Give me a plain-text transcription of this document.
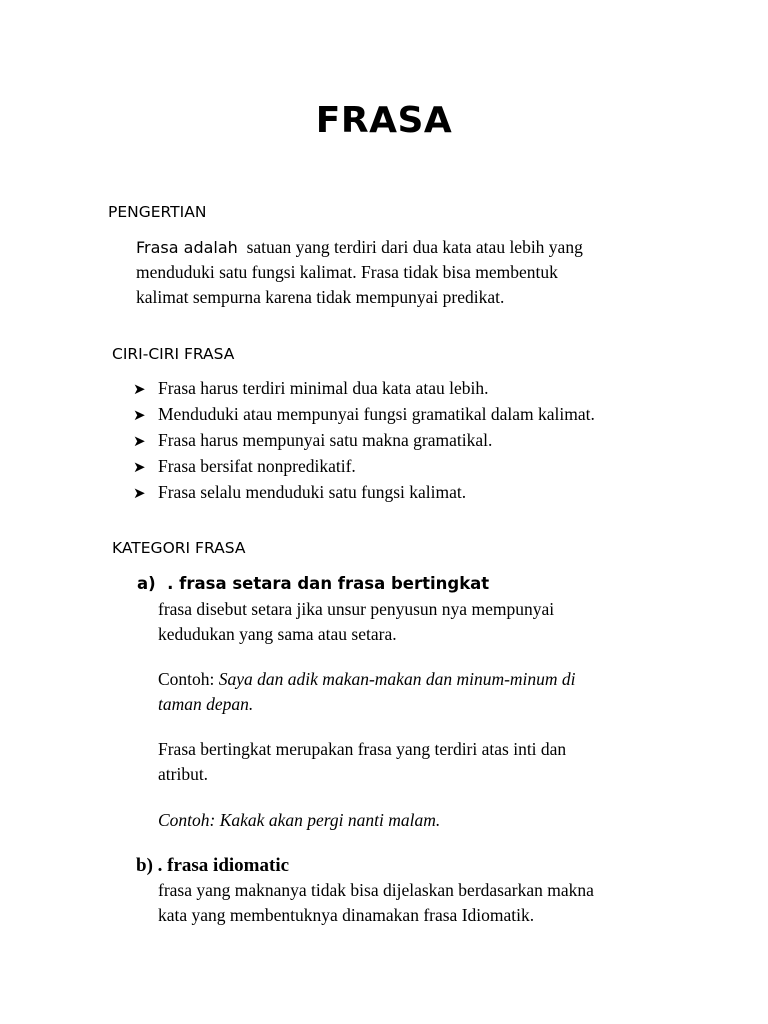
FRASA
PENGERTIAN
Frasa adalah  satuan yang terdiri dari dua kata atau lebih yang
menduduki satu fungsi kalimat. Frasa tidak bisa membentuk
kalimat sempurna karena tidak mempunyai predikat.
CIRI-CIRI FRASA
➤ Frasa harus terdiri minimal dua kata atau lebih.
➤ Menduduki atau mempunyai fungsi gramatikal dalam kalimat.
➤ Frasa harus mempunyai satu makna gramatikal.
➤ Frasa bersifat nonpredikatif.
➤ Frasa selalu menduduki satu fungsi kalimat.
KATEGORI FRASA
a)  . frasa setara dan frasa bertingkat
frasa disebut setara jika unsur penyusun nya mempunyai
kedudukan yang sama atau setara.
Contoh: Saya dan adik makan-makan dan minum-minum di
taman depan.
Frasa bertingkat merupakan frasa yang terdiri atas inti dan
atribut.
Contoh: Kakak akan pergi nanti malam.
b) . frasa idiomatic
frasa yang maknanya tidak bisa dijelaskan berdasarkan makna
kata yang membentuknya dinamakan frasa Idiomatik.
